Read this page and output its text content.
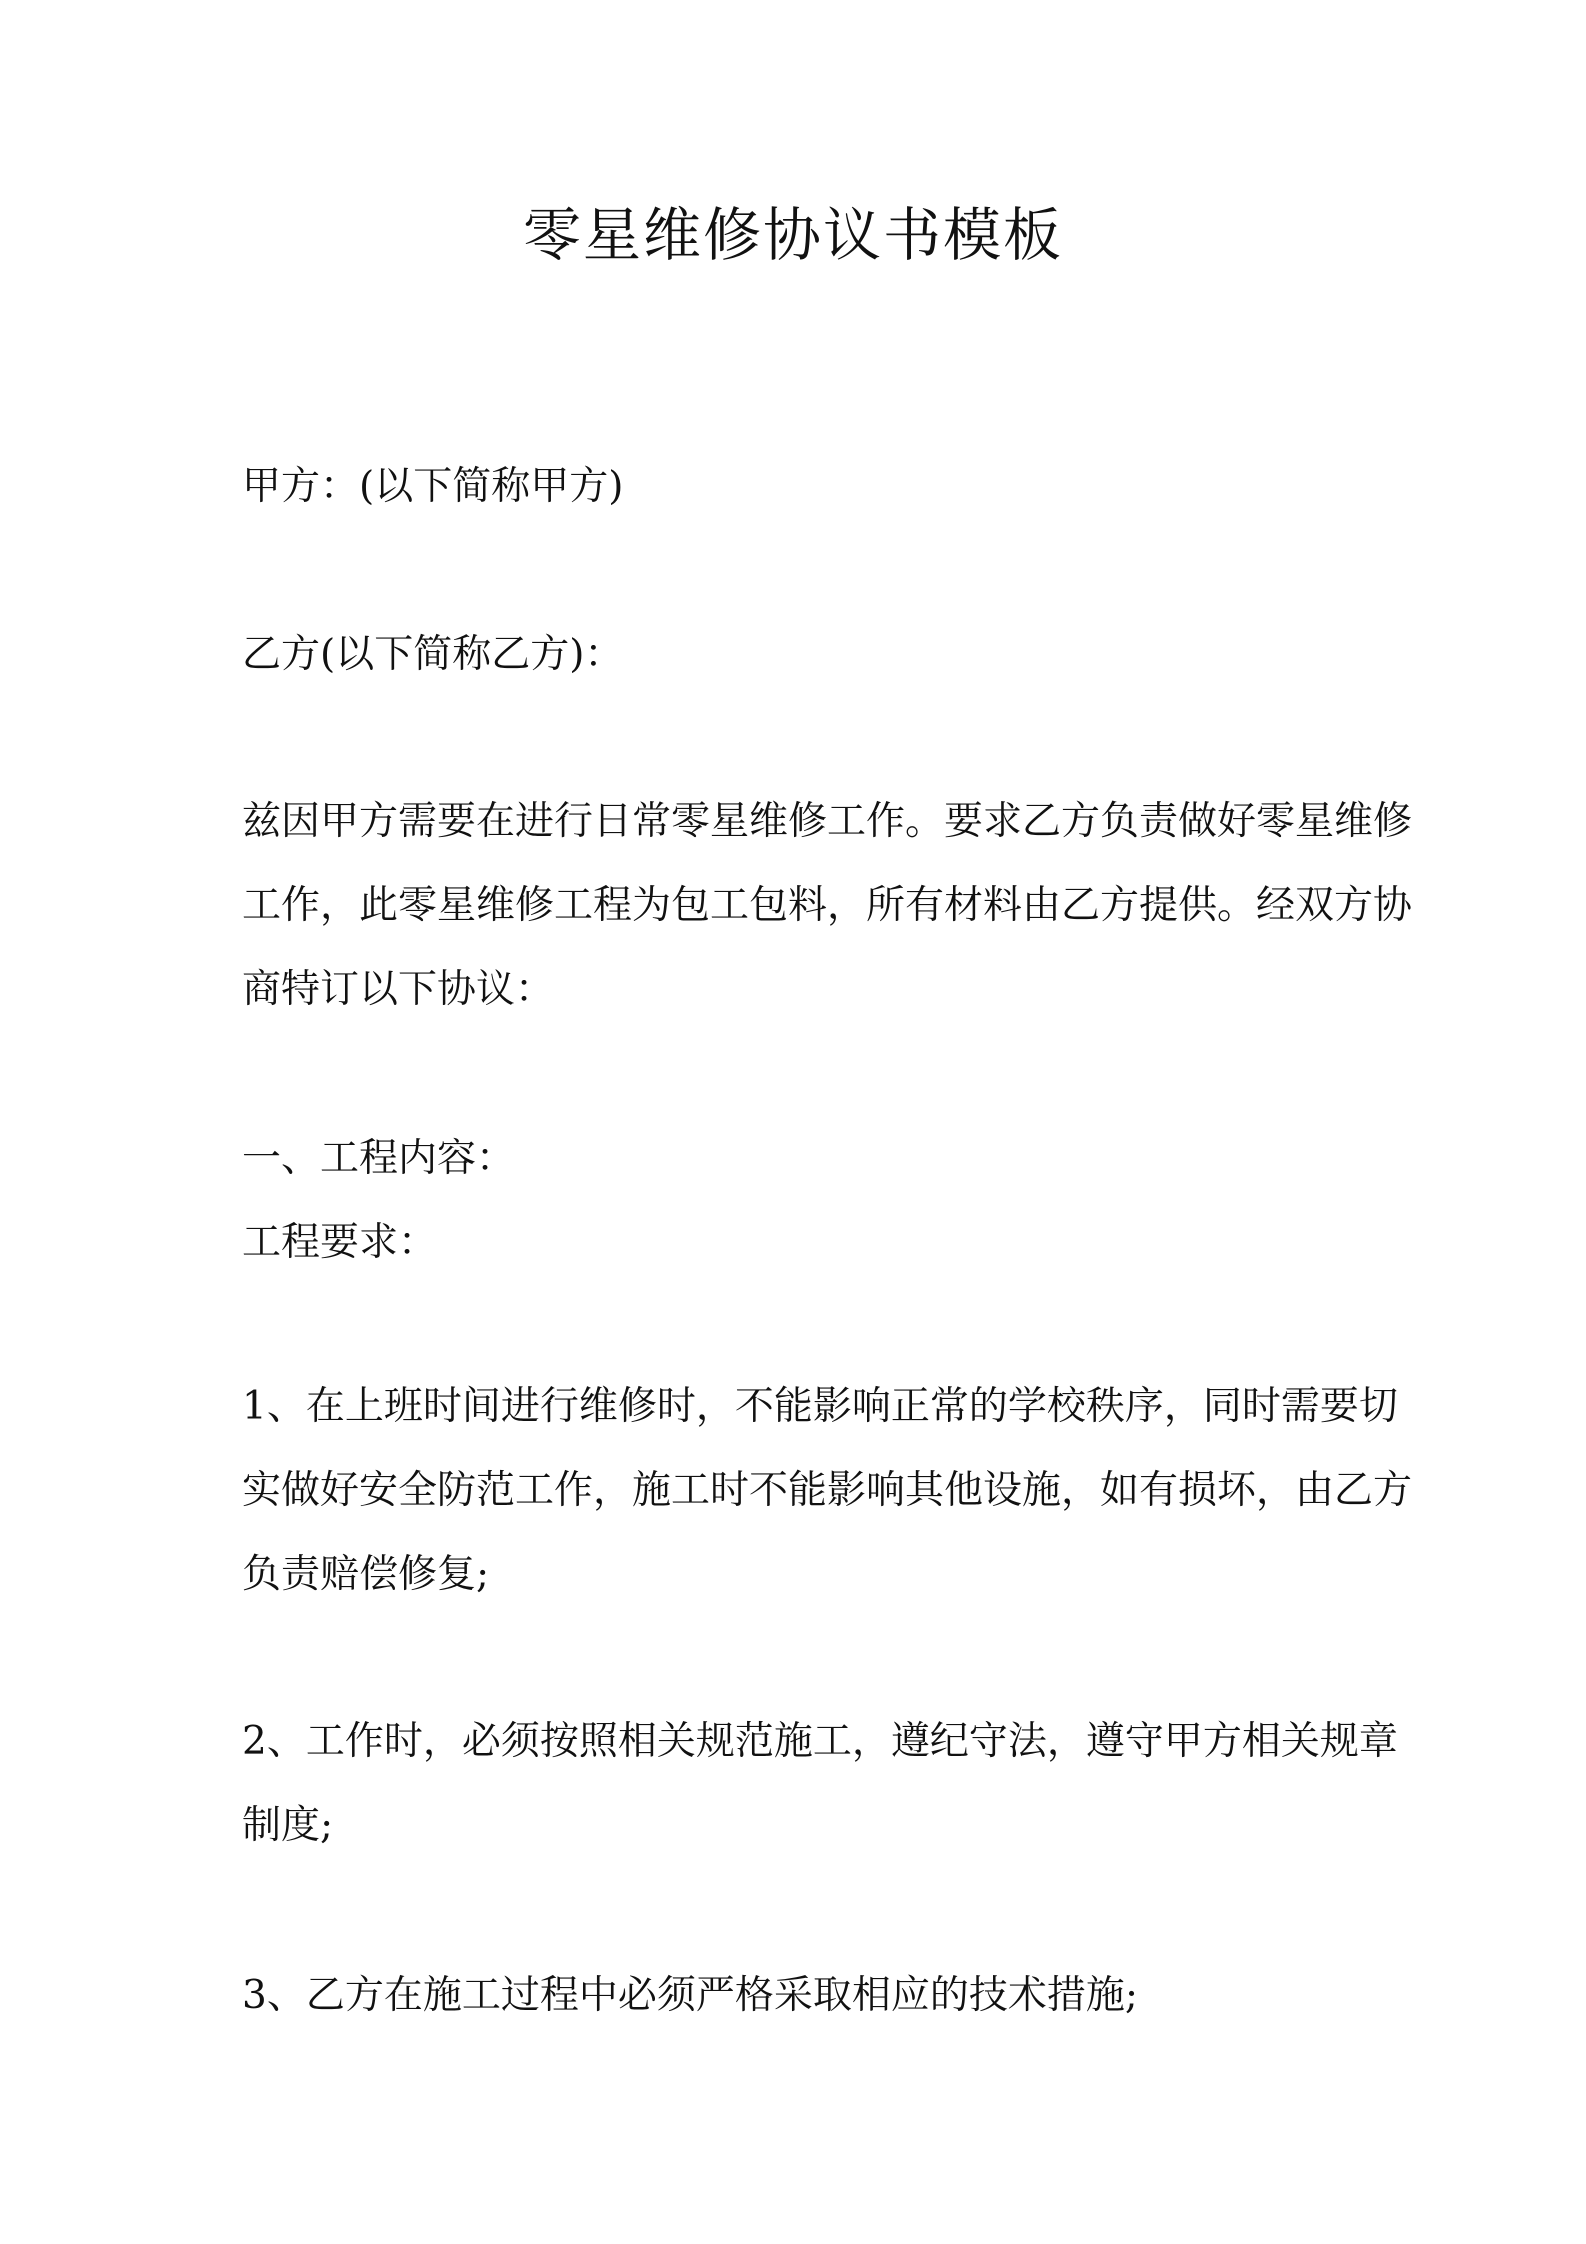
零星维修协议书模板

甲方：(以下简称甲方)

乙方(以下简称乙方)：

兹因甲方需要在进行日常零星维修工作。要求乙方负责做好零星维修
工作，此零星维修工程为包工包料，所有材料由乙方提供。经双方协
商特订以下协议：

一、工程内容：

工程要求：

1、在上班时间进行维修时，不能影响正常的学校秩序，同时需要切
实做好安全防范工作，施工时不能影响其他设施，如有损坏，由乙方
负责赔偿修复;
2、工作时，必须按照相关规范施工，遵纪守法，遵守甲方相关规章
制度;

3、乙方在施工过程中必须严格采取相应的技术措施;
